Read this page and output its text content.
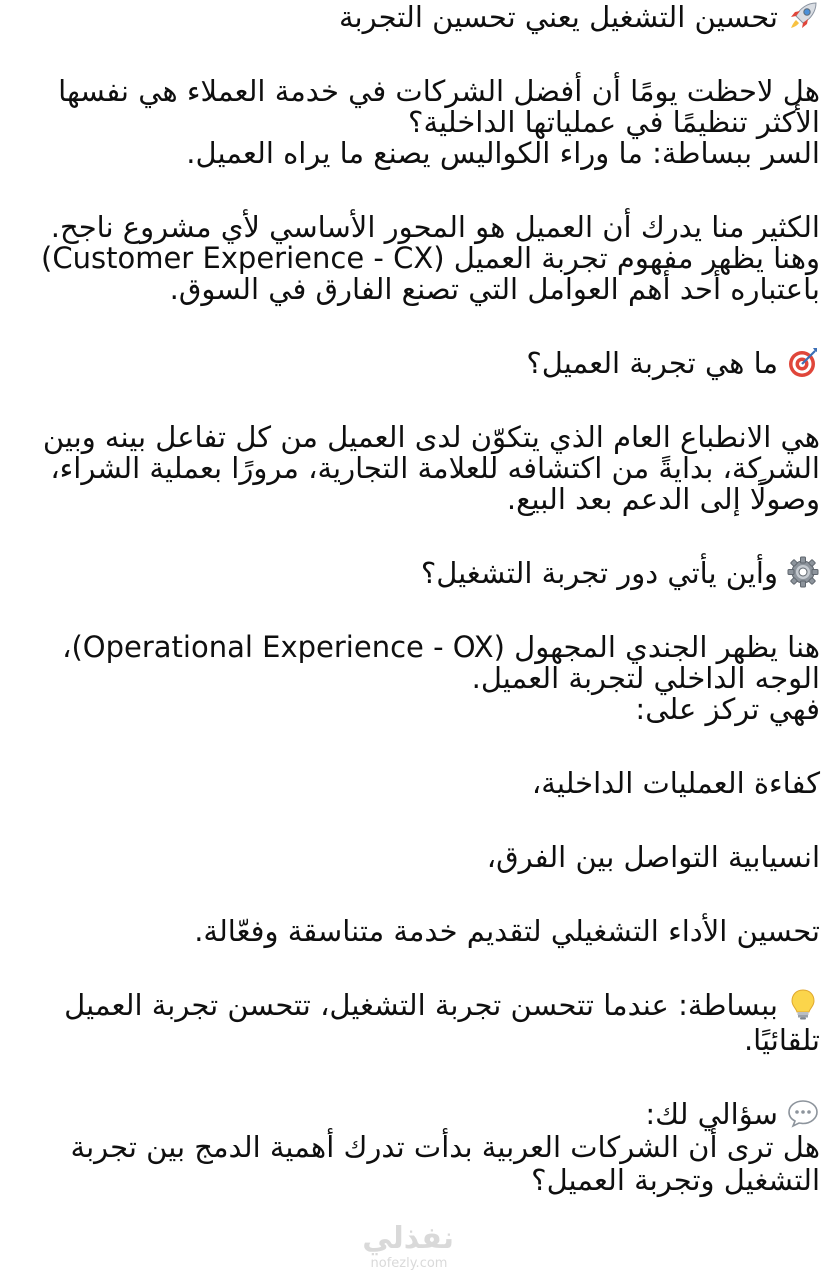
تحسين التشغيل يعني تحسين التجربة
هل لاحظت يومًا أن أفضل الشركات في خدمة العملاء هي نفسها
الأكثر تنظيمًا في عملياتها الداخلية؟
السر ببساطة: ما وراء الكواليس يصنع ما يراه العميل.
الكثير منا يدرك أن العميل هو المحور الأساسي لأي مشروع ناجح.
وهنا يظهر مفهوم تجربة العميل (Customer Experience - CX)
باعتباره أحد أهم العوامل التي تصنع الفارق في السوق.
ما هي تجربة العميل؟
هي الانطباع العام الذي يتكوّن لدى العميل من كل تفاعل بينه وبين
الشركة، بدايةً من اكتشافه للعلامة التجارية، مرورًا بعملية الشراء،
وصولًا إلى الدعم بعد البيع.
وأين يأتي دور تجربة التشغيل؟
هنا يظهر الجندي المجهول (Operational Experience - OX)،
الوجه الداخلي لتجربة العميل.
فهي تركز على:
كفاءة العمليات الداخلية،
انسيابية التواصل بين الفرق،
تحسين الأداء التشغيلي لتقديم خدمة متناسقة وفعّالة.
ببساطة: عندما تتحسن تجربة التشغيل، تتحسن تجربة العميل
تلقائيًا.
سؤالي لك:
هل ترى أن الشركات العربية بدأت تدرك أهمية الدمج بين تجربة
التشغيل وتجربة العميل؟
نفذلي
nofezly.com
